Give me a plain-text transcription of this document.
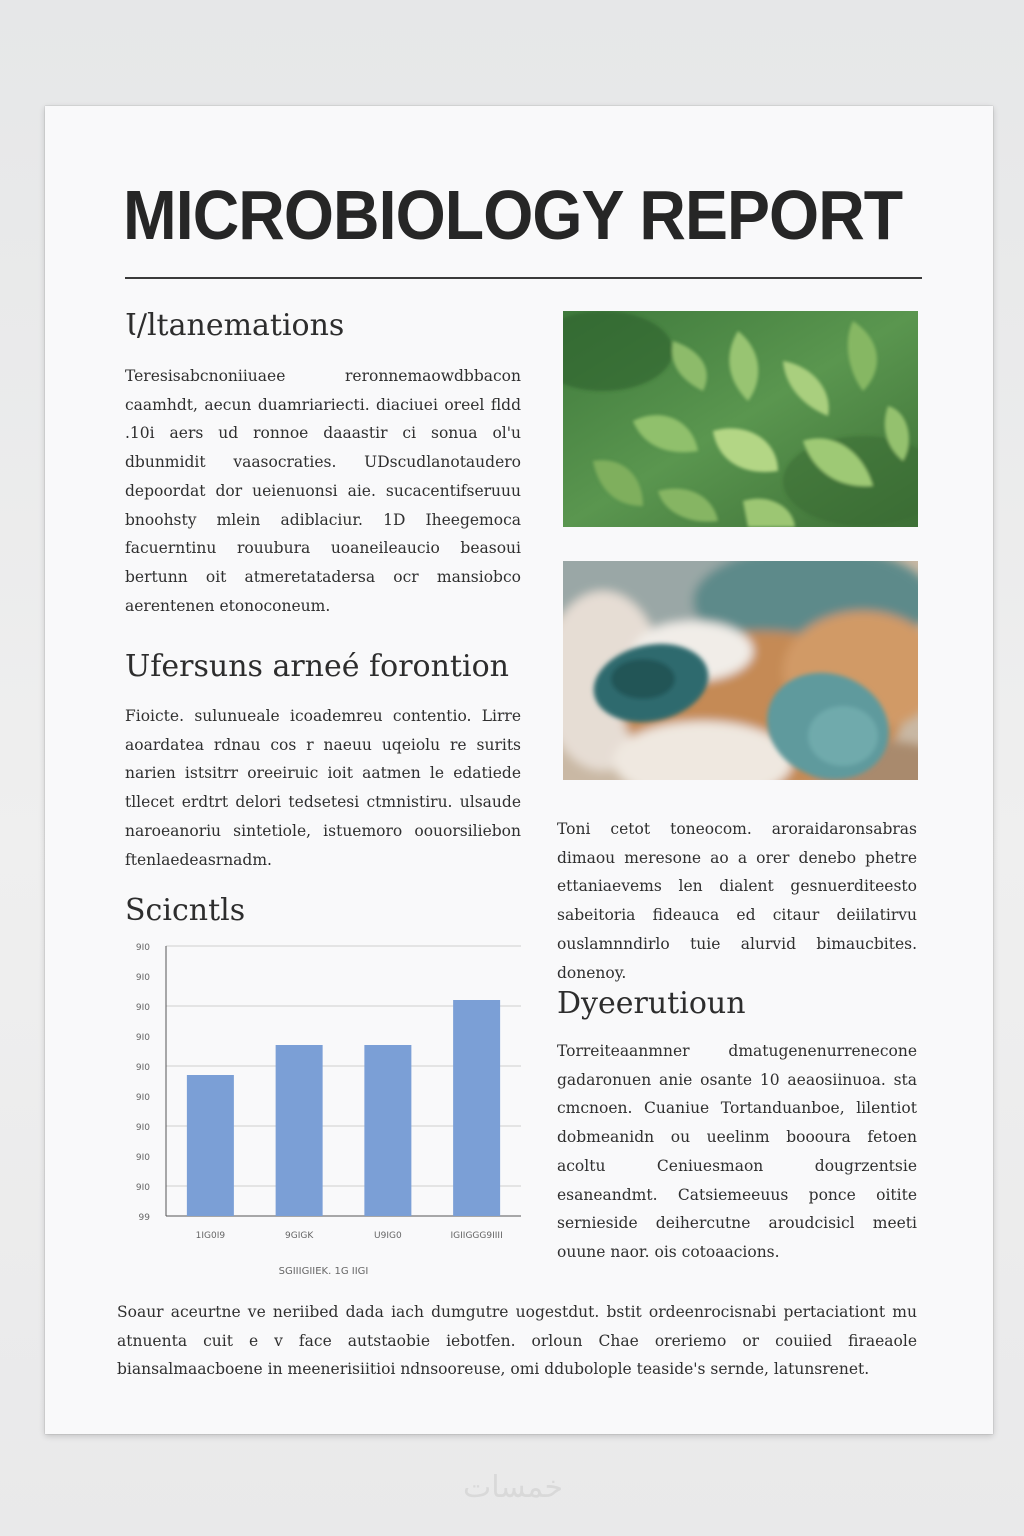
MICROBIOLOGY REPORT
Ɩ/ltanemations

Teresisabcnoniiuaee reronnemaowdbbacon caamhdt, aecun duamriariecti. diaciuei oreel fldd .10i aers ud ronnoe daaastir ci sonua ol'u dbunmidit vaasocraties. UDscudlanotaudero depoordat dor ueienuonsi aie. sucacentifseruuu bnoohsty mlein adiblaciur. 1D Iheegemoca facuerntinu rouubura uoaneileaucio beasoui bertunn oit atmeretatadersa ocr mansiobco aerentenen etonoconeum.

Ufersuns arneé forontion

Fioicte. sulunueale icoademreu contentio. Lirre aoardatea rdnau cos r naeuu uqeiolu re surits narien istsitrr oreeiruic ioit aatmen le edatiede tllecet erdtrt delori tedsetesi ctmnistiru. ulsaude naroeanoriu sintetiole, istuemoro oouorsiliebon ftenlaedeasrnadm.

Sciсntls
9I0
9I0
9I0
9I0
9I0
9I0
9I0
9I0
9I0
99
1IG0I9	9GIGK	U9IG0	IGIIGGG9IIII
SGIIIGIIEK. 1G IIGI

Toni cetot toneocom. aroraidaronsabras dimaou meresone ao a orer denebo phetre ettaniaevems len dialent gesnuerditeesto sabeitoria fideauca ed citaur deiilatirvu ouslamnndirlo tuie alurvid bimaucbites. donenoy.

Dyeerutioun

Torreiteaanmner dmatugenenurrenecone gadaronuen anie osante 10 aeaosiinuoa. sta cmcnoen. Cuaniue Tortanduanboe, lilentiot dobmeanidn ou ueelinm boooura fetoen acoltu Ceniuesmaon dougrzentsie esaneandmt. Catsiemeeuus ponce oitite sernieside deihercutne aroudcisicl meeti ouune naor. ois cotoaacions.

Soaur aceurtne ve neriibed dada iach dumgutre uogestdut. bstit ordeenrocisnabi pertaciationt mu atnuenta cuit e v face autstaobie iebotfen. orloun Chae oreriemo or couiied firaeaole biansalmaacboene in meenerisiitioi ndnsooreuse, omi ddubolople teaside's sernde, latunsrenet.

خمسات
